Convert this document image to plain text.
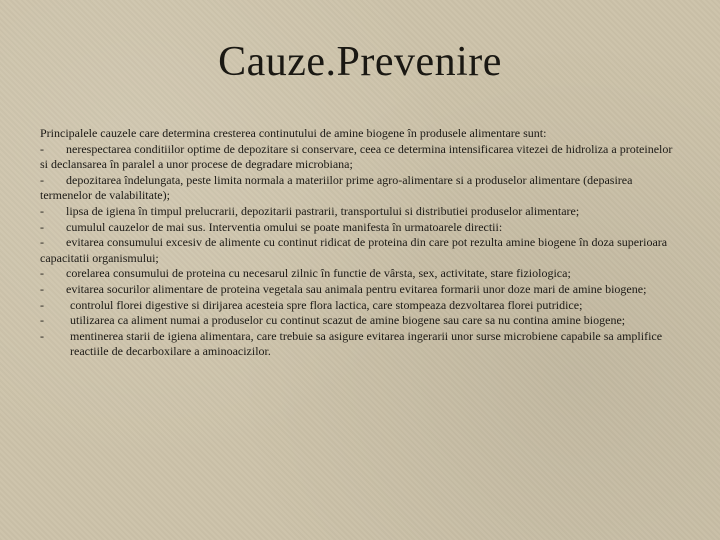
Cauze.Prevenire

Principalele cauzele care determina cresterea continutului de amine biogene în produsele alimentare sunt:

- nerespectarea conditiilor optime de depozitare si conservare, ceea ce determina intensificarea vitezei de hidroliza a proteinelor si declansarea în paralel a unor procese de degradare microbiana;

- depozitarea îndelungata, peste limita normala a materiilor prime agro-alimentare si a produselor alimentare (depasirea termenelor de valabilitate);

- lipsa de igiena în timpul prelucrarii, depozitarii pastrarii, transportului si distributiei produselor alimentare;

- cumulul cauzelor de mai sus. Interventia omului se poate manifesta în urmatoarele directii:

- evitarea consumului excesiv de alimente cu continut ridicat de proteina din care pot rezulta amine biogene în doza superioara capacitatii organismului;

- corelarea consumului de proteina cu necesarul zilnic în functie de vârsta, sex, activitate, stare fiziologica;

- evitarea socurilor alimentare de proteina vegetala sau animala pentru evitarea formarii unor doze mari de amine biogene;

-	controlul florei digestive si dirijarea acesteia spre flora lactica, care stompeaza dezvoltarea florei putridice;

-	utilizarea ca aliment numai a produselor cu continut scazut de amine biogene sau care sa nu contina amine biogene;

-	mentinerea starii de igiena alimentara, care trebuie sa asigure evitarea ingerarii unor surse microbiene capabile sa amplifice reactiile de decarboxilare a aminoacizilor.
